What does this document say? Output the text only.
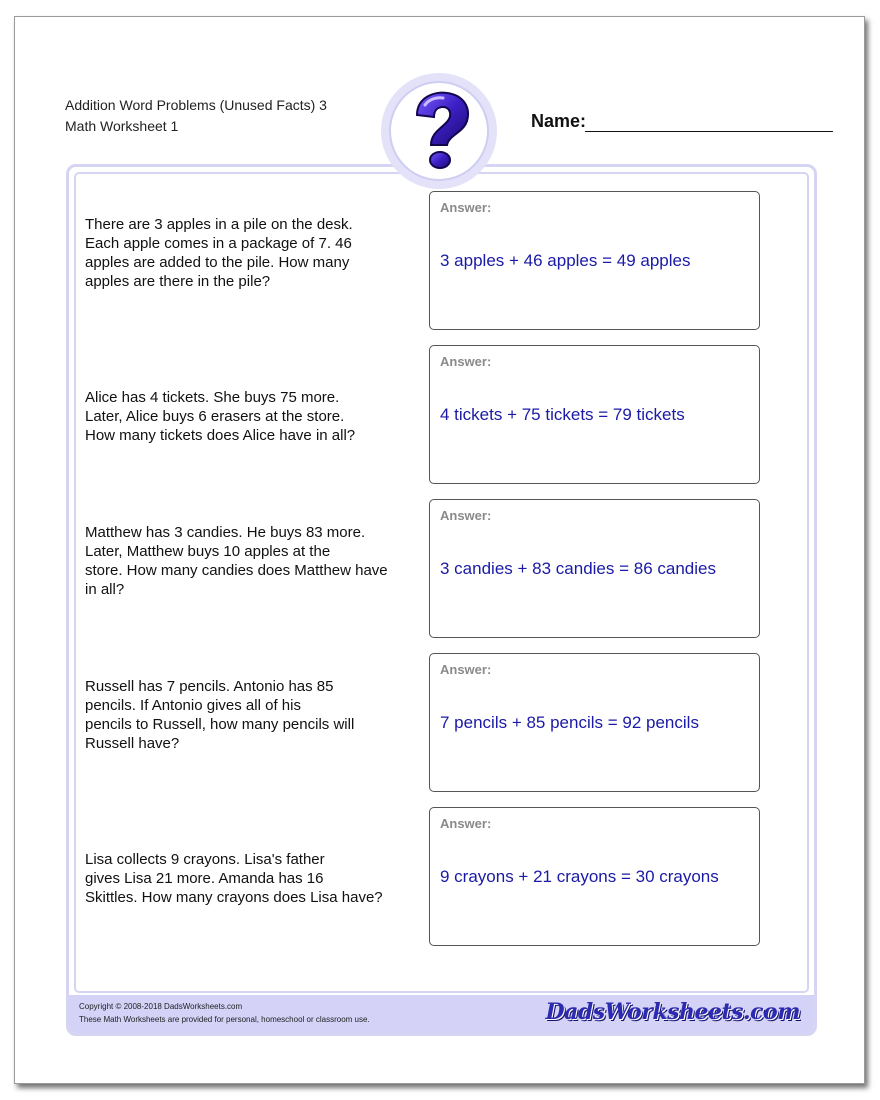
Addition Word Problems (Unused Facts) 3
Math Worksheet 1	Name:
Copyright © 2008-2018 DadsWorksheets.com
These Math Worksheets are provided for personal, homeschool or classroom use.	DadsWorksheets.com
There are 3 apples in a pile on the desk.
Each apple comes in a package of 7. 46
apples are added to the pile. How many
apples are there in the pile?
Answer:
3 apples + 46 apples = 49 apples
Alice has 4 tickets. She buys 75 more.
Later, Alice buys 6 erasers at the store.
How many tickets does Alice have in all?
Answer:
4 tickets + 75 tickets = 79 tickets
Matthew has 3 candies. He buys 83 more.
Later, Matthew buys 10 apples at the
store. How many candies does Matthew have
in all?
Answer:
3 candies + 83 candies = 86 candies
Russell has 7 pencils. Antonio has 85
pencils. If Antonio gives all of his
pencils to Russell, how many pencils will
Russell have?
Answer:
7 pencils + 85 pencils = 92 pencils
Lisa collects 9 crayons. Lisa's father
gives Lisa 21 more. Amanda has 16
Skittles. How many crayons does Lisa have?
Answer:
9 crayons + 21 crayons = 30 crayons
